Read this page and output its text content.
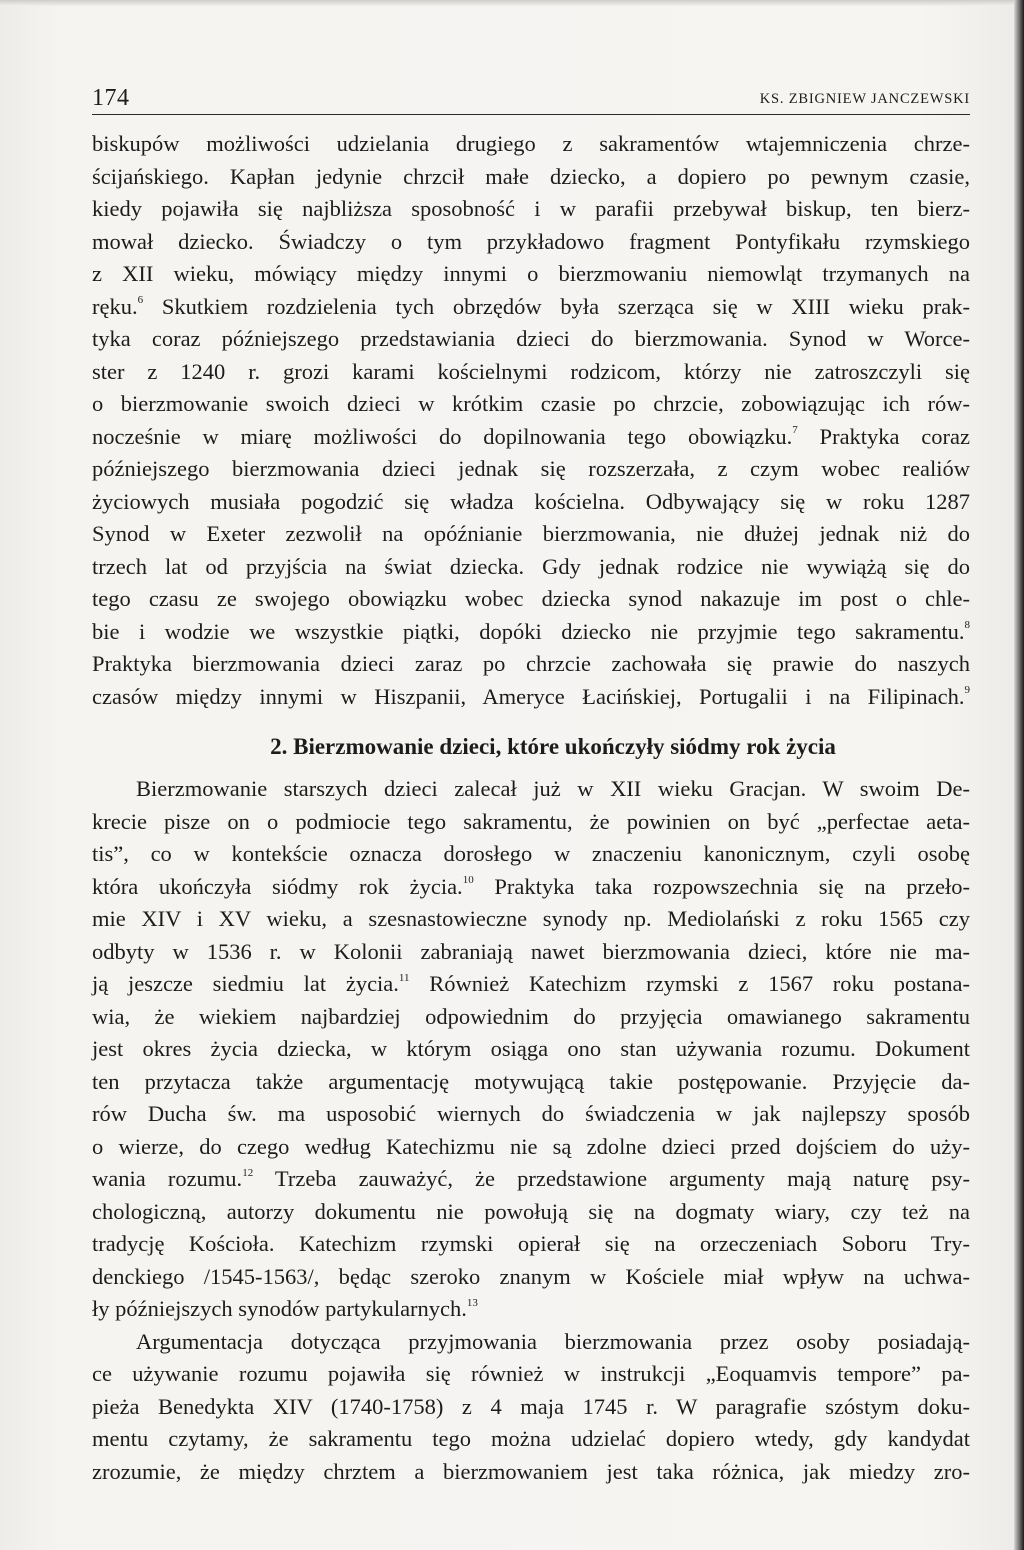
174	KS. ZBIGNIEW JANCZEWSKI
biskupów możliwości udzielania drugiego z sakramentów wtajemniczenia chrze-
ścijańskiego. Kapłan jedynie chrzcił małe dziecko, a dopiero po pewnym czasie,
kiedy pojawiła się najbliższa sposobność i w parafii przebywał biskup, ten bierz-
mował dziecko. Świadczy o tym przykładowo fragment Pontyfikału rzymskiego
z XII wieku, mówiący między innymi o bierzmowaniu niemowląt trzymanych na
ręku.$^6$ Skutkiem rozdzielenia tych obrzędów była szerząca się w XIII wieku prak-
tyka coraz późniejszego przedstawiania dzieci do bierzmowania. Synod w Worce-
ster z 1240 r. grozi karami kościelnymi rodzicom, którzy nie zatroszczyli się
o bierzmowanie swoich dzieci w krótkim czasie po chrzcie, zobowiązując ich rów-
nocześnie w miarę możliwości do dopilnowania tego obowiązku.$^7$ Praktyka coraz
późniejszego bierzmowania dzieci jednak się rozszerzała, z czym wobec realiów
życiowych musiała pogodzić się władza kościelna. Odbywający się w roku 1287
Synod w Exeter zezwolił na opóźnianie bierzmowania, nie dłużej jednak niż do
trzech lat od przyjścia na świat dziecka. Gdy jednak rodzice nie wywiążą się do
tego czasu ze swojego obowiązku wobec dziecka synod nakazuje im post o chle-
bie i wodzie we wszystkie piątki, dopóki dziecko nie przyjmie tego sakramentu.$^8$
Praktyka bierzmowania dzieci zaraz po chrzcie zachowała się prawie do naszych
czasów między innymi w Hiszpanii, Ameryce Łacińskiej, Portugalii i na Filipinach.$^9$
2. Bierzmowanie dzieci, które ukończyły siódmy rok życia
Bierzmowanie starszych dzieci zalecał już w XII wieku Gracjan. W swoim De-
krecie pisze on o podmiocie tego sakramentu, że powinien on być „perfectae aeta-
tis”, co w kontekście oznacza dorosłego w znaczeniu kanonicznym, czyli osobę
która ukończyła siódmy rok życia.$^{10}$ Praktyka taka rozpowszechnia się na przeło-
mie XIV i XV wieku, a szesnastowieczne synody np. Mediolański z roku 1565 czy
odbyty w 1536 r. w Kolonii zabraniają nawet bierzmowania dzieci, które nie ma-
ją jeszcze siedmiu lat życia.$^{11}$ Również Katechizm rzymski z 1567 roku postana-
wia, że wiekiem najbardziej odpowiednim do przyjęcia omawianego sakramentu
jest okres życia dziecka, w którym osiąga ono stan używania rozumu. Dokument
ten przytacza także argumentację motywującą takie postępowanie. Przyjęcie da-
rów Ducha św. ma usposobić wiernych do świadczenia w jak najlepszy sposób
o wierze, do czego według Katechizmu nie są zdolne dzieci przed dojściem do uży-
wania rozumu.$^{12}$ Trzeba zauważyć, że przedstawione argumenty mają naturę psy-
chologiczną, autorzy dokumentu nie powołują się na dogmaty wiary, czy też na
tradycję Kościoła. Katechizm rzymski opierał się na orzeczeniach Soboru Try-
denckiego /1545-1563/, będąc szeroko znanym w Kościele miał wpływ na uchwa-
ły późniejszych synodów partykularnych.$^{13}$
Argumentacja dotycząca przyjmowania bierzmowania przez osoby posiadają-
ce używanie rozumu pojawiła się również w instrukcji „Eoquamvis tempore” pa-
pieża Benedykta XIV (1740-1758) z 4 maja 1745 r. W paragrafie szóstym doku-
mentu czytamy, że sakramentu tego można udzielać dopiero wtedy, gdy kandydat
zrozumie, że między chrztem a bierzmowaniem jest taka różnica, jak miedzy zro-
